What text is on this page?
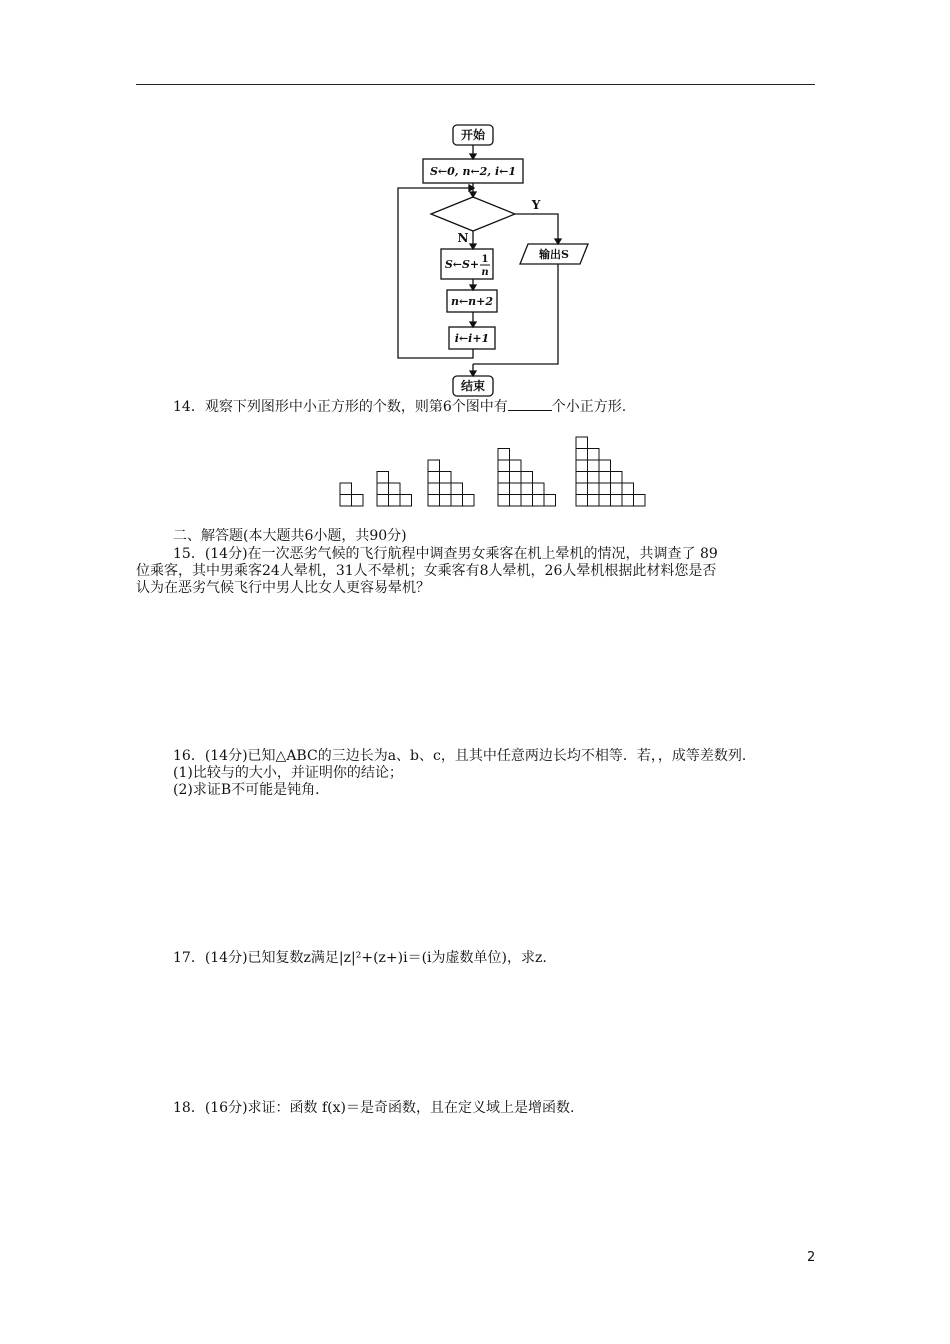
开始
S←0, n←2, i←1
Y
N
输出S
S←S+ 1
n
n←n+2
i←i+1
结束
14．观察下列图形中小正方形的个数，则第6个图中有	个小正方形.
二、解答题(本大题共6小题，共90分)
15．(14分)在一次恶劣气候的飞行航程中调查男女乘客在机上晕机的情况，共调查了 89
位乘客，其中男乘客24人晕机，31人不晕机；女乘客有8人晕机，26人晕机根据此材料您是否
认为在恶劣气候飞行中男人比女人更容易晕机？
16．(14分)已知△ABC的三边长为a、b、c，且其中任意两边长均不相等．若，，成等差数列．
(1)比较与的大小，并证明你的结论；
(2)求证B不可能是钝角．
17．(14分)已知复数z满足|z|²+(z+)i＝(i为虚数单位)，求z.
18．(16分)求证：函数 f(x)＝是奇函数，且在定义域上是增函数.
2
